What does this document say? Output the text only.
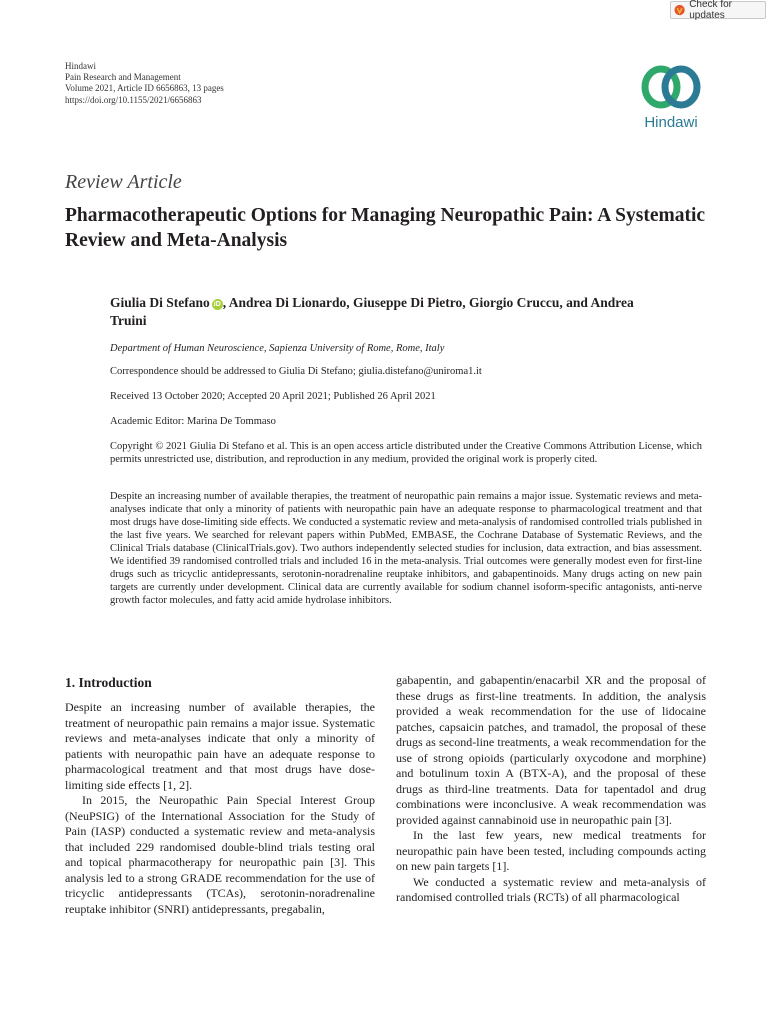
Check for updates
Hindawi
Pain Research and Management
Volume 2021, Article ID 6656863, 13 pages
https://doi.org/10.1155/2021/6656863
Hindawi
Review Article
Pharmacotherapeutic Options for Managing Neuropathic Pain: A Systematic Review and Meta-Analysis
Giulia Di Stefano iD , Andrea Di Lionardo, Giuseppe Di Pietro, Giorgio Cruccu, and Andrea Truini
Department of Human Neuroscience, Sapienza University of Rome, Rome, Italy
Correspondence should be addressed to Giulia Di Stefano; giulia.distefano@uniroma1.it
Received 13 October 2020; Accepted 20 April 2021; Published 26 April 2021
Academic Editor: Marina De Tommaso
Copyright © 2021 Giulia Di Stefano et al. This is an open access article distributed under the Creative Commons Attribution License, which permits unrestricted use, distribution, and reproduction in any medium, provided the original work is properly cited.
Despite an increasing number of available therapies, the treatment of neuropathic pain remains a major issue. Systematic reviews and meta-analyses indicate that only a minority of patients with neuropathic pain have an adequate response to pharmacological treatment and that most drugs have dose-limiting side effects. We conducted a systematic review and meta-analysis of randomised controlled trials published in the last five years. We searched for relevant papers within PubMed, EMBASE, the Cochrane Database of Systematic Reviews, and the Clinical Trials database (ClinicalTrials.gov). Two authors independently selected studies for inclusion, data extraction, and bias assessment. We identified 39 randomised controlled trials and included 16 in the meta-analysis. Trial outcomes were generally modest even for first-line drugs such as tricyclic antidepressants, serotonin-noradrenaline reuptake inhibitors, and gabapentinoids. Many drugs acting on new pain targets are currently under development. Clinical data are currently available for sodium channel isoform-specific antagonists, anti-nerve growth factor molecules, and fatty acid amide hydrolase inhibitors.
1. Introduction

Despite an increasing number of available therapies, the treatment of neuropathic pain remains a major issue. Systematic reviews and meta-analyses indicate that only a minority of patients with neuropathic pain have an adequate response to pharmacological treatment and that most drugs have dose-limiting side effects [1, 2].

In 2015, the Neuropathic Pain Special Interest Group (NeuPSIG) of the International Association for the Study of Pain (IASP) conducted a systematic review and meta-analysis that included 229 randomised double-blind trials testing oral and topical pharmacotherapy for neuropathic pain [3]. This analysis led to a strong GRADE recommendation for the use of tricyclic antidepressants (TCAs), serotonin-noradrenaline reuptake inhibitor (SNRI) antidepressants, pregabalin,

gabapentin, and gabapentin/enacarbil XR and the proposal of these drugs as first-line treatments. In addition, the analysis provided a weak recommendation for the use of lidocaine patches, capsaicin patches, and tramadol, the proposal of these drugs as second-line treatments, a weak recommendation for the use of strong opioids (particularly oxycodone and morphine) and botulinum toxin A (BTX-A), and the proposal of these drugs as third-line treatments. Data for tapentadol and drug combinations were inconclusive. A weak recommendation was provided against cannabinoid use in neuropathic pain [3].

In the last few years, new medical treatments for neuropathic pain have been tested, including compounds acting on new pain targets [1].

We conducted a systematic review and meta-analysis of randomised controlled trials (RCTs) of all pharmacological
